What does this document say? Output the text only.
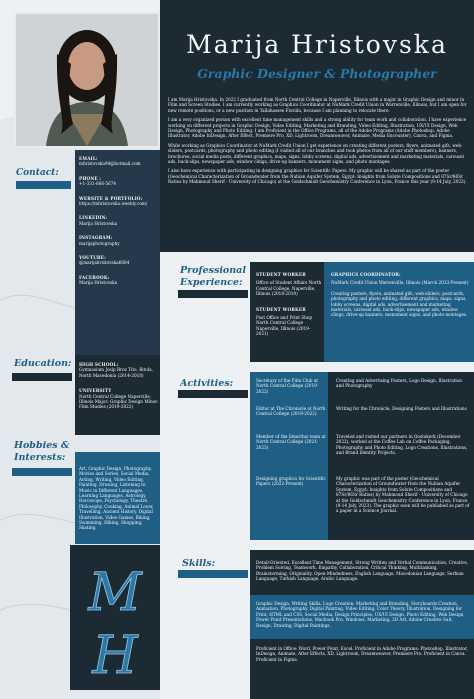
Marija Hristovska
Graphic Designer & Photographer

I am Marija Hristovska. In 2022 I graduated from North Central College in Naperville, Illinois with a major in Graphic Design and minor in Film and Screen Studies. I am currently working as Graphics Coordinator at NuMark Credit Union in Warrenville, Illinois, but I am open for new remote positions, or a new position in Tallahassee Florida, because I am planning to relocate there.

I am a very organized person with excellent time management skills and a strong ability for team work and collaboration. I have experience working on different projects in Graphic Design, Video Editing, Marketing and Branding, Video Editing, Illustration, UX/UI Design, Web Design, Photography and Photo Editing. I am Proficient in the Office Programs, all of the Adobe Programs (Adobe Photoshop, Adobe Illustrator, Adobe InDesign, After Effect, Premiere Pro, XD, Lightroom, Dreamweaver, Animate, Media Encounter), Canva, and Figma.

While working as Graphics Coordinator at NuMark Credit Union I get experience on creating different posters, flyers, animated gifs, web-sliders, postcards, photography and photo editing (I visited all of our branches and took photos from all of our staff members), banners, brochures, social media posts, different graphics, maps, signs, lobby screens, digital ads, advertisement and marketing materials, carousel ads, buck-slips, newspaper ads, window clings, drive-up banners, monument signs, and photo montages.

I also have experience with participating in designing graphics for Scientific Papers. My graphic will be shared as part of the poster (Geochemical Characterization of Groundwater from the Nubian Aquifer System, Egypt: Insights from Solute Compositions and 87Sr/86Sr Ratios by Mahmoud Sherif - University of Chicago) at the Goldschmidt Geochemistry Conference in Lyon, France this year (9-14 July, 2023).

Contact:
EMAIL:
mhristovska99@hotmail.com
PHONE :
+1-331-666-5674
WEBSITE & PORTFOLIO:
https://mhristovska.weebly.com/
LINKEDIN:
Marija Hristovska
INSTAGRAM:
marijaphotography
YOUTUBE:
@marijahristovska6684
FACEBOOK:
Marija Hristovska
Education: HIGH SCHOOL:
Gymnasium Josip Broz Tito, Bitola, North Macedonia (2014-2018)
UNIVERSITY
North Central College Naperville, Illinois Major: Graphic Design Minor: Film Studies (2019-2022)
Hobbies & Interests:
Art, Graphic Design, Photography, Movies and Series, Social Media, Acting, Writing, Video Editing, Painting, Drawing, Listening to Music in Different Languages, Learning Languages, Astrology, Horoscope, Psychology, Theatre, Philosophy, Cooking, Animal Lover, Travelling, Ancient History, Digital Illustration, Video Games, Biking, Swimming, Hiking, Shopping, Skating.
M
H
Professional Experience:
STUDENT WORKER
Office of Student Affairs North Central College, Naperville, Illinois (2018-2019)
STUDENT WORKER
Post Office and Print Shop North Central College Naperville, Illinois (2019-2021)
GRAPHICS COORDINATOR:
NuMark Credit Union Warrenville, Illinois (March 2023-Present)
Creating posters, flyers, animated gifs, web-sliders, postcards, photography and photo editing, different graphics, maps, signs, lobby screens, digital ads, advertisement and marketing materials, carousel ads, buck-slips, newspaper ads, window clings, drive-up banners, monument signs, and photo montages.
Activities:	Secretary of the Film Club at North Central College (2019-2022)
Editor at The Chronicle at North Central College (2019-2022)
Member of the Emeritus team at North Central College (2021-2023)
Designing graphics for Scientific Papers (2022-Present)
Creating and Advertising Posters, Logo Design, Illustration and Photography
Writing for the Chronicle, Designing Posters and Illustrations
Traveled and visited our partners in Oostakerk (December 2022), worked at the Coffee Lab on Coffee Packaging, Photography and Photo Editing, Logo Creations, Illustrations, and Brand Identity Projects.
My graphic was part of the poster (Geochemical Characterization of Groundwater from the Nubian Aquifer System, Egypt: Insights from Solute Compositions and 87Sr/86Sr Ratios) by Mahmoud Sherif - University of Chicago at the Goldschmidt Geochemistry Conference in Lyon, France (9-14 July, 2023). The graphic soon will be published as part of a paper in a Science Journal.
Skills:	Detail-Oriented, Excellent Time Management, Strong Written and Verbal Communication, Creative, Problem Solving, Teamwork, Empathy, Collaboration, Critical Thinking, Multitasking, Brainstorming, Originality, Open-Mindedness, English Language, Macedonian Language, Serbian Language, Turkish Language, Arabic Language.
Graphic Design, Writing Skills, Logo Creation, Marketing and Branding, Storyboards Creation, Animation, Photography, Digital Painting, Video Editing, Color Theory, Illustration, Designing for Print, HTML and CSS, Social Media, Design Principles, UX/UI Design, Photo Editing, Web Design, Power Point Presentations, Macbook Pro, Windows, Marketing, 2D Art, Adobe Creative Suit, Design, Drawing, Digital Paintings.
Proficient in Office: Word, Power Point, Excel. Proficient in Adobe Programs: Photoshop, Illustrator, InDesign, Animate, After Effects, XD, Lightroom, Dreamweaver, Premiere Pro. Proficient in Canva. Proficient in Figma.
